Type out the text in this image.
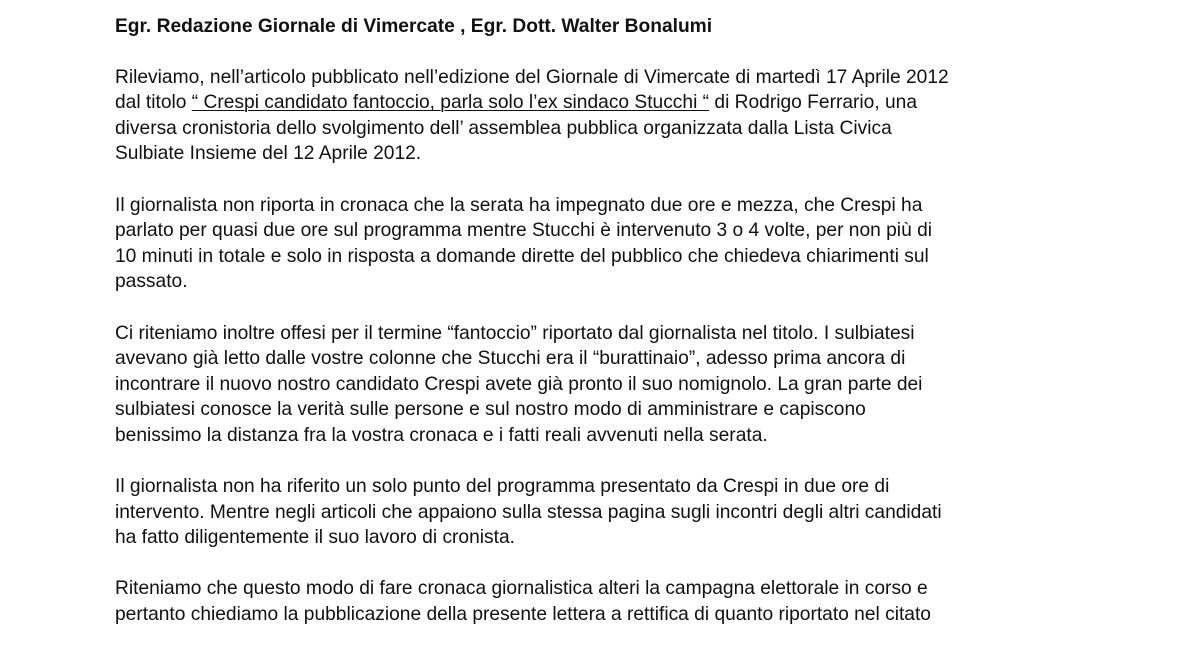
Egr. Redazione Giornale di Vimercate , Egr. Dott. Walter Bonalumi
Rileviamo, nell’articolo pubblicato nell’edizione del Giornale di Vimercate di martedì 17 Aprile 2012
dal titolo “ Crespi candidato fantoccio, parla solo l’ex sindaco Stucchi “ di Rodrigo Ferrario, una
diversa cronistoria dello svolgimento dell’ assemblea pubblica organizzata dalla Lista Civica
Sulbiate Insieme del 12 Aprile 2012.
Il giornalista non riporta in cronaca che la serata ha impegnato due ore e mezza, che Crespi ha
parlato per quasi due ore sul programma mentre Stucchi è intervenuto 3 o 4 volte, per non più di
10 minuti in totale e solo in risposta a domande dirette del pubblico che chiedeva chiarimenti sul
passato.
Ci riteniamo inoltre offesi per il termine “fantoccio” riportato dal giornalista nel titolo. I sulbiatesi
avevano già letto dalle vostre colonne che Stucchi era il “burattinaio”, adesso prima ancora di
incontrare il nuovo nostro candidato Crespi avete già pronto il suo nomignolo. La gran parte dei
sulbiatesi conosce la verità sulle persone e sul nostro modo di amministrare e capiscono
benissimo la distanza fra la vostra cronaca e i fatti reali avvenuti nella serata.
Il giornalista non ha riferito un solo punto del programma presentato da Crespi in due ore di
intervento. Mentre negli articoli che appaiono sulla stessa pagina sugli incontri degli altri candidati
ha fatto diligentemente il suo lavoro di cronista.
Riteniamo che questo modo di fare cronaca giornalistica alteri la campagna elettorale in corso e
pertanto chiediamo la pubblicazione della presente lettera a rettifica di quanto riportato nel citato
